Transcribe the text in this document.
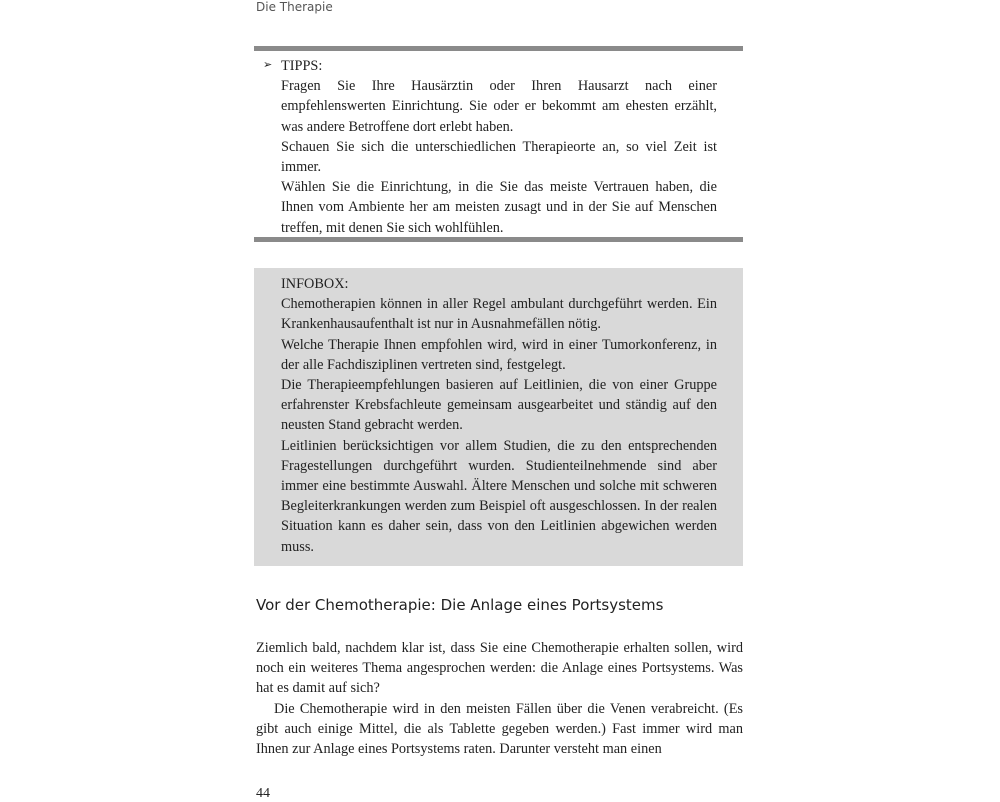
Die Therapie
➢ TIPPS:

Fragen Sie Ihre Hausärztin oder Ihren Hausarzt nach einer empfehlenswerten Einrichtung. Sie oder er bekommt am ehesten erzählt, was andere Betroffene dort erlebt haben.

Schauen Sie sich die unterschiedlichen Therapieorte an, so viel Zeit ist immer.

Wählen Sie die Einrichtung, in die Sie das meiste Vertrauen haben, die Ihnen vom Ambiente her am meisten zusagt und in der Sie auf Menschen treffen, mit denen Sie sich wohlfühlen.

INFOBOX:

Chemotherapien können in aller Regel ambulant durchgeführt werden. Ein Krankenhausaufenthalt ist nur in Ausnahmefällen nötig.

Welche Therapie Ihnen empfohlen wird, wird in einer Tumorkonferenz, in der alle Fachdisziplinen vertreten sind, festgelegt.

Die Therapieempfehlungen basieren auf Leitlinien, die von einer Gruppe erfahrenster Krebsfachleute gemeinsam ausgearbeitet und ständig auf den neusten Stand gebracht werden.

Leitlinien berücksichtigen vor allem Studien, die zu den entsprechenden Fragestellungen durchgeführt wurden. Studienteilnehmende sind aber immer eine bestimmte Auswahl. Ältere Menschen und solche mit schweren Begleiterkrankungen werden zum Beispiel oft ausgeschlossen. In der realen Situation kann es daher sein, dass von den Leitlinien abgewichen werden muss.

Vor der Chemotherapie: Die Anlage eines Portsystems

Ziemlich bald, nachdem klar ist, dass Sie eine Chemotherapie erhalten sollen, wird noch ein weiteres Thema angesprochen werden: die Anlage eines Portsystems. Was hat es damit auf sich?

Die Chemotherapie wird in den meisten Fällen über die Venen verabreicht. (Es gibt auch einige Mittel, die als Tablette gegeben werden.) Fast immer wird man Ihnen zur Anlage eines Portsystems raten. Darunter versteht man einen

44
